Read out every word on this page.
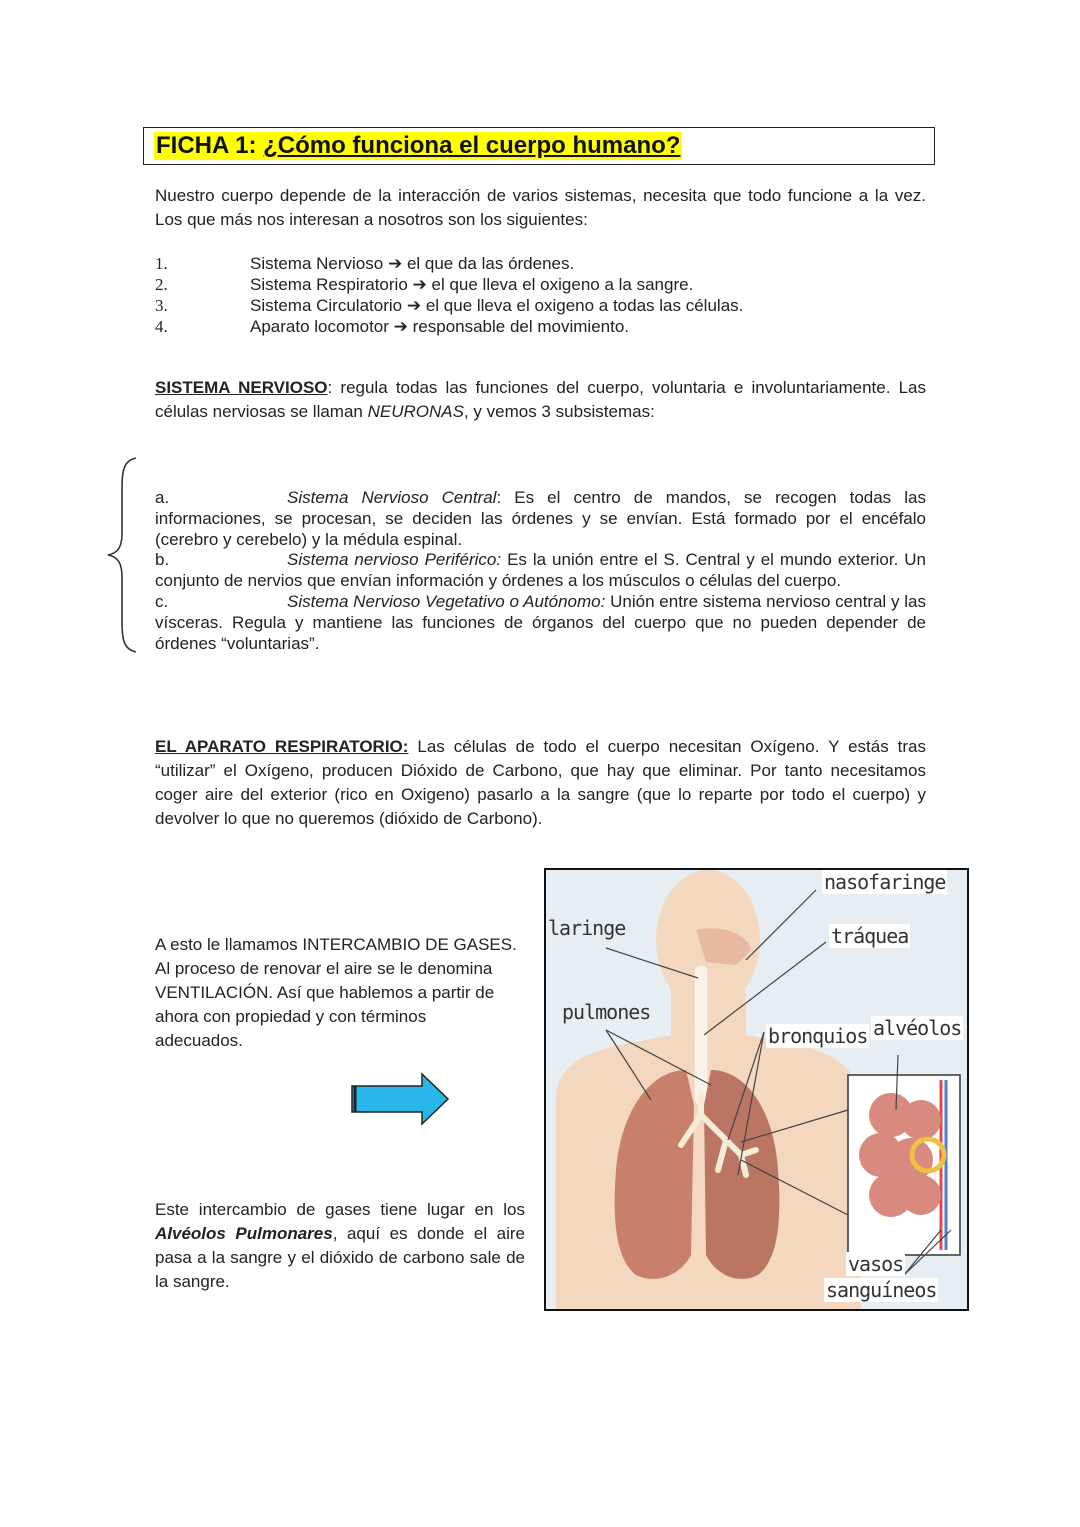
FICHA 1: ¿Cómo funciona el cuerpo humano?
Nuestro cuerpo depende de la interacción de varios sistemas, necesita que todo funcione a la vez. Los que más nos interesan a nosotros son los siguientes:
1.	Sistema Nervioso ➔ el que da las órdenes.
2.	Sistema Respiratorio ➔ el que lleva el oxigeno a la sangre.
3.	Sistema Circulatorio ➔ el que lleva el oxigeno a todas las células.
4.	Aparato locomotor ➔ responsable del movimiento.
SISTEMA NERVIOSO: regula todas las funciones del cuerpo, voluntaria e involuntariamente. Las células nerviosas se llaman NEURONAS, y vemos 3 subsistemas:
a.	Sistema Nervioso Central: Es el centro de mandos, se recogen todas las informaciones, se procesan, se deciden las órdenes y se envían. Está formado por el encéfalo (cerebro y cerebelo) y la médula espinal.
b.	Sistema nervioso Periférico: Es la unión entre el S. Central y el mundo exterior. Un conjunto de nervios que envían información y órdenes a los músculos o células del cuerpo.
c.	Sistema Nervioso Vegetativo o Autónomo: Unión entre sistema nervioso central y las vísceras. Regula y mantiene las funciones de órganos del cuerpo que no pueden depender de órdenes “voluntarias”.
EL APARATO RESPIRATORIO: Las células de todo el cuerpo necesitan Oxígeno. Y estás tras “utilizar” el Oxígeno, producen Dióxido de Carbono, que hay que eliminar. Por tanto necesitamos coger aire del exterior (rico en Oxigeno) pasarlo a la sangre (que lo reparte por todo el cuerpo) y devolver lo que no queremos (dióxido de Carbono).
A esto le llamamos INTERCAMBIO DE GASES. Al proceso de renovar el aire se le denomina VENTILACIÓN. Así que hablemos a partir de ahora con propiedad y con términos adecuados.
Este intercambio de gases tiene lugar en los Alvéolos Pulmonares, aquí es donde el aire pasa a la sangre y el dióxido de carbono sale de la sangre.
nasofaringe
laringe	tráquea
pulmones
bronquios alvéolos
vasos
sanguíneos
